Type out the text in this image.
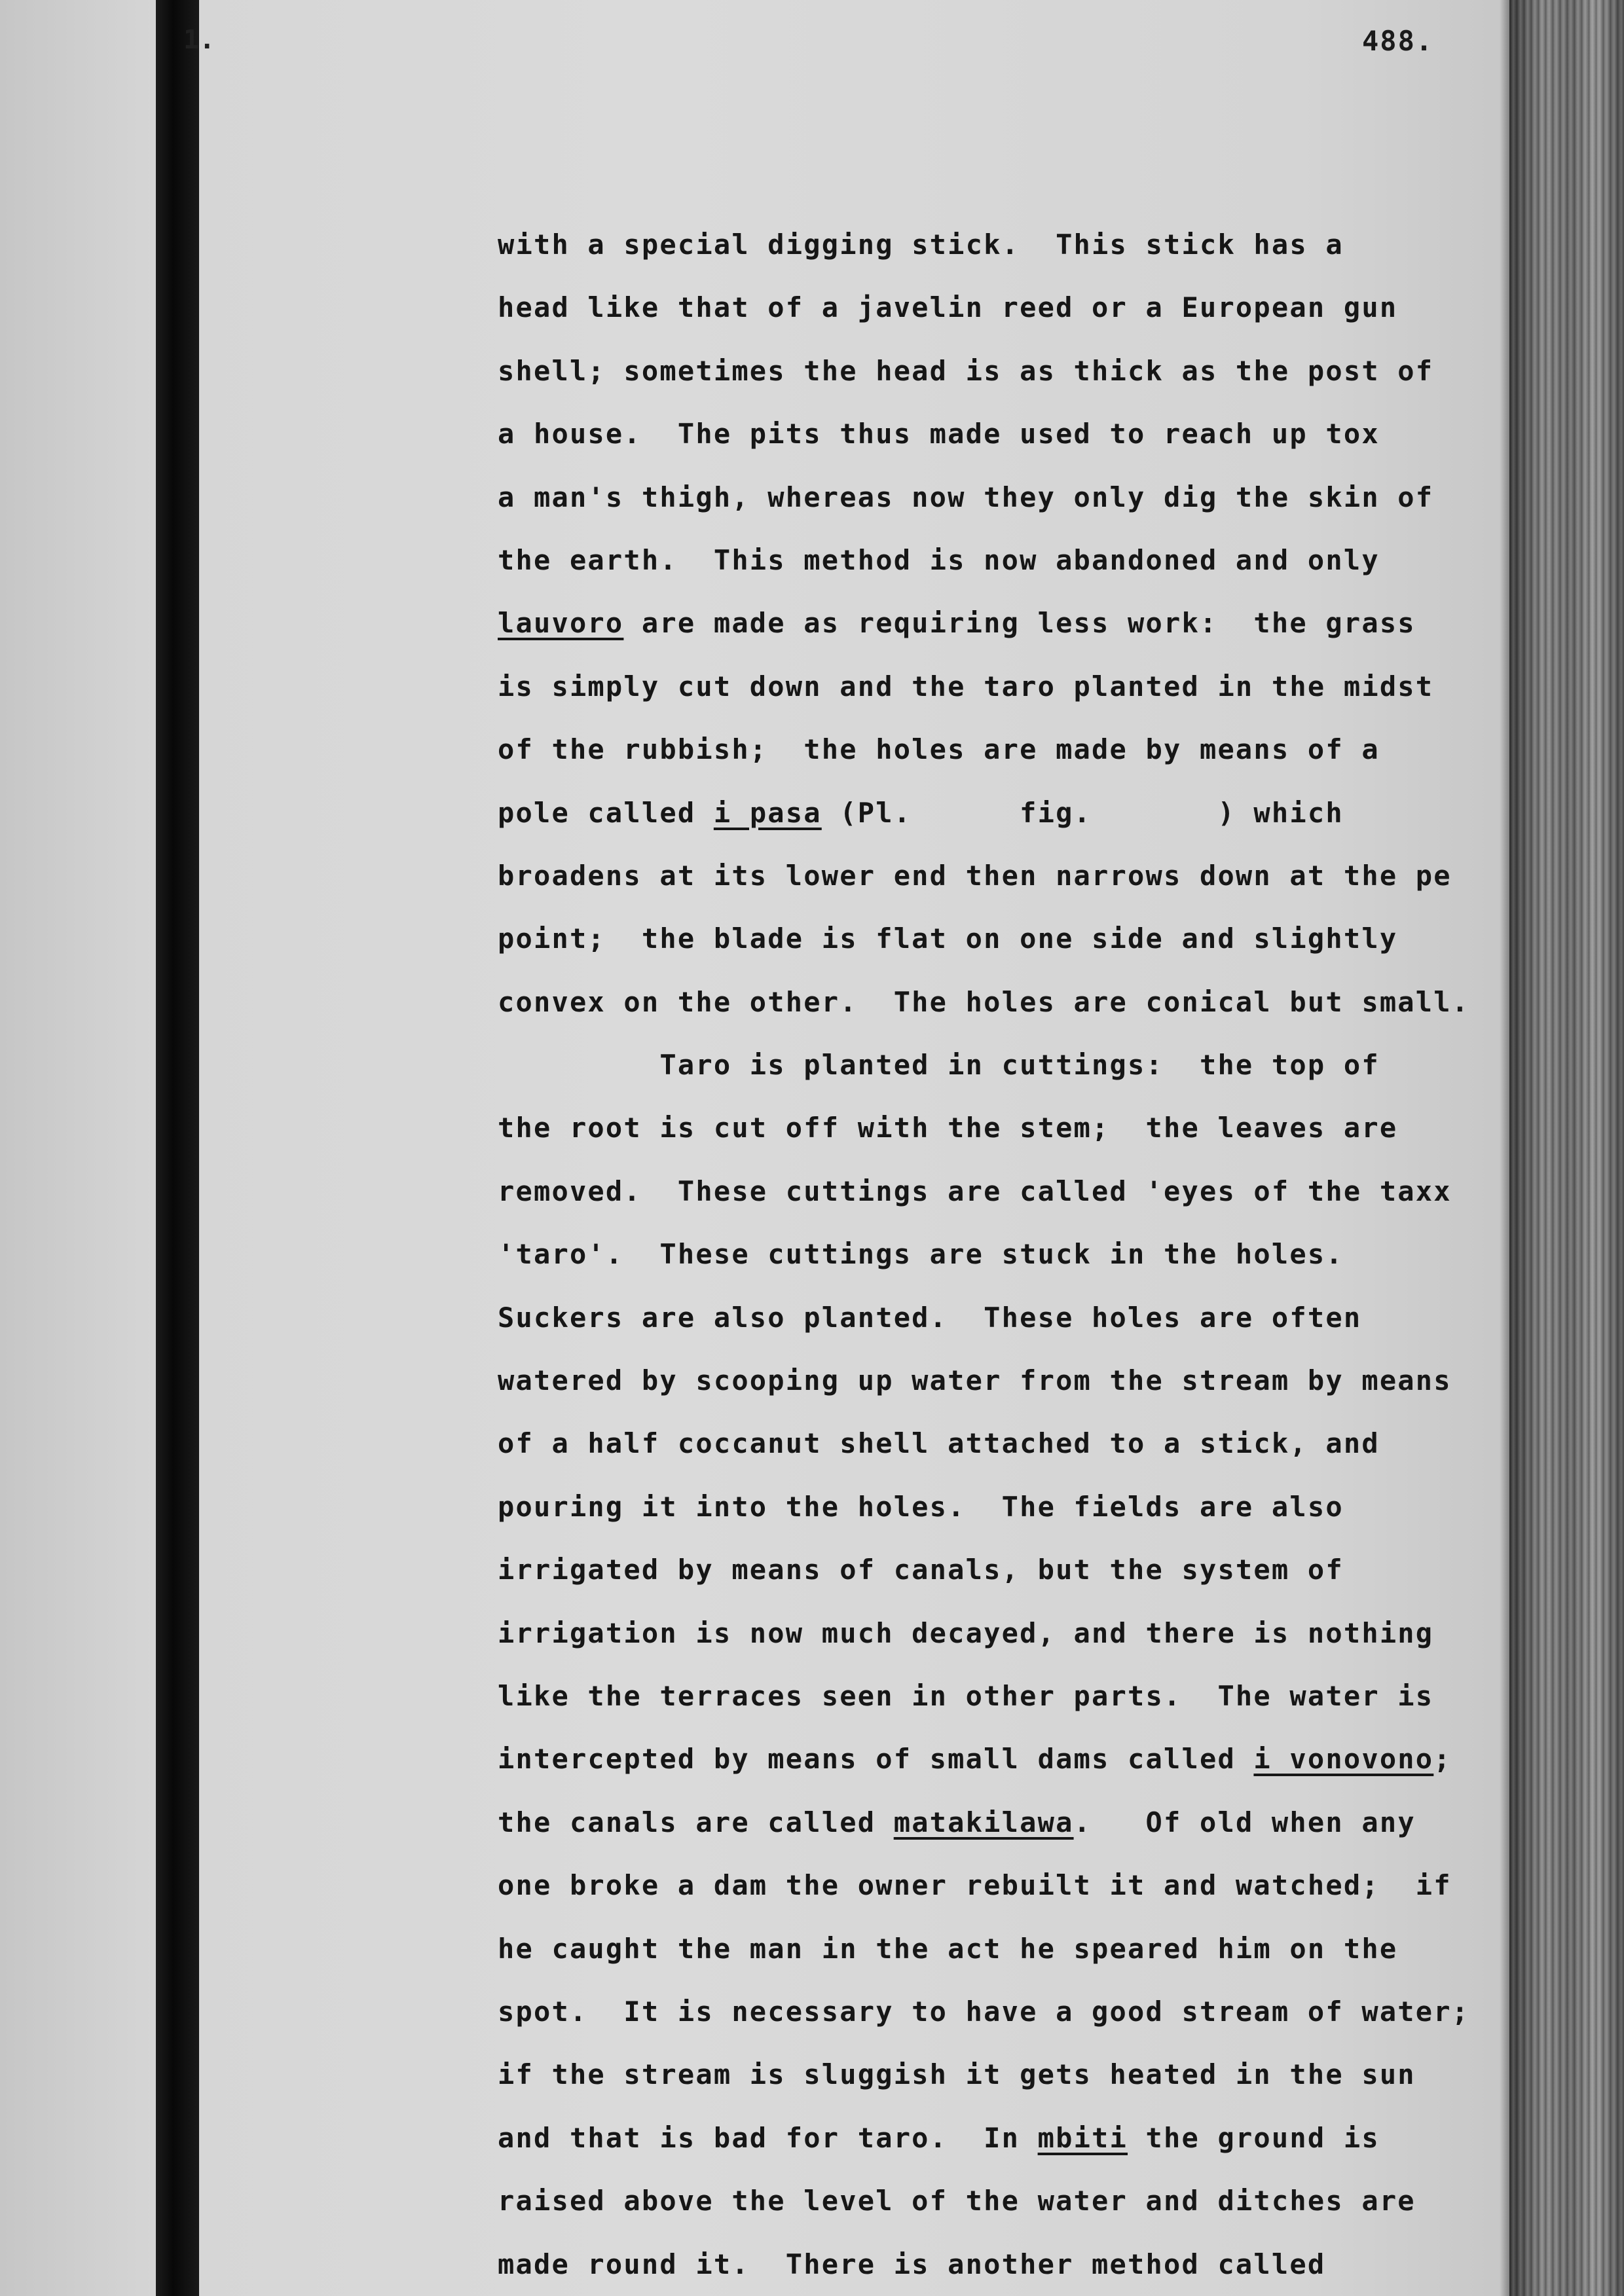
1.	488.
with a special digging stick.  This stick has a
head like that of a javelin reed or a European gun
shell; sometimes the head is as thick as the post of
a house.  The pits thus made used to reach up tox
a man's thigh, whereas now they only dig the skin of
the earth.  This method is now abandoned and only
lauvoro are made as requiring less work:  the grass
is simply cut down and the taro planted in the midst
of the rubbish;  the holes are made by means of a
pole called i pasa (Pl.      fig.       ) which
broadens at its lower end then narrows down at the pe
point;  the blade is flat on one side and slightly
convex on the other.  The holes are conical but small.
Taro is planted in cuttings:  the top of
the root is cut off with the stem;  the leaves are
removed.  These cuttings are called 'eyes of the taxx
'taro'.  These cuttings are stuck in the holes.
Suckers are also planted.  These holes are often
watered by scooping up water from the stream by means
of a half coccanut shell attached to a stick, and
pouring it into the holes.  The fields are also
irrigated by means of canals, but the system of
irrigation is now much decayed, and there is nothing
like the terraces seen in other parts.  The water is
intercepted by means of small dams called i vonovono;
the canals are called matakilawa.   Of old when any
one broke a dam the owner rebuilt it and watched;  if
he caught the man in the act he speared him on the
spot.  It is necessary to have a good stream of water;
if the stream is sluggish it gets heated in the sun
and that is bad for taro.  In mbiti the ground is
raised above the level of the water and ditches are
made round it.  There is another method called
